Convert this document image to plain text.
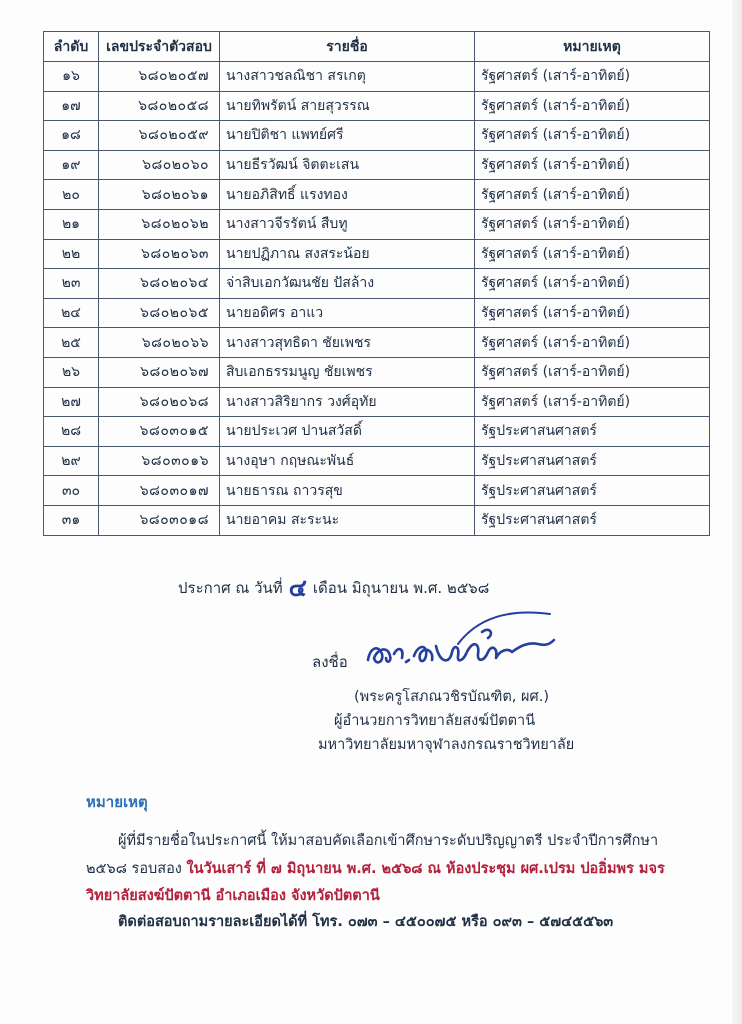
ลำดับ	เลขประจำตัวสอบ	รายชื่อ	หมายเหตุ
๑๖	๖๘๐๒๐๕๗	นางสาวชลณิชา สรเกตุ	รัฐศาสตร์ (เสาร์-อาทิตย์)
๑๗	๖๘๐๒๐๕๘	นายทิพรัตน์ สายสุวรรณ	รัฐศาสตร์ (เสาร์-อาทิตย์)
๑๘	๖๘๐๒๐๕๙	นายปิติชา แพทย์ศรี	รัฐศาสตร์ (เสาร์-อาทิตย์)
๑๙	๖๘๐๒๐๖๐	นายธีรวัฒน์ จิตตะเสน	รัฐศาสตร์ (เสาร์-อาทิตย์)
๒๐	๖๘๐๒๐๖๑	นายอภิสิทธิ์ แรงทอง	รัฐศาสตร์ (เสาร์-อาทิตย์)
๒๑	๖๘๐๒๐๖๒	นางสาวจีรรัตน์ สืบทู	รัฐศาสตร์ (เสาร์-อาทิตย์)
๒๒	๖๘๐๒๐๖๓	นายปฏิภาณ สงสระน้อย	รัฐศาสตร์ (เสาร์-อาทิตย์)
๒๓	๖๘๐๒๐๖๔	จ่าสิบเอกวัฒนชัย ปัสล้าง	รัฐศาสตร์ (เสาร์-อาทิตย์)
๒๔	๖๘๐๒๐๖๕	นายอดิศร อาแว	รัฐศาสตร์ (เสาร์-อาทิตย์)
๒๕	๖๘๐๒๐๖๖	นางสาวสุทธิดา ชัยเพชร	รัฐศาสตร์ (เสาร์-อาทิตย์)
๒๖	๖๘๐๒๐๖๗	สิบเอกธรรมนูญ ชัยเพชร	รัฐศาสตร์ (เสาร์-อาทิตย์)
๒๗	๖๘๐๒๐๖๘	นางสาวสิริยากร วงศ์อุทัย	รัฐศาสตร์ (เสาร์-อาทิตย์)
๒๘	๖๘๐๓๐๑๕	นายประเวศ ปานสวัสดิ์	รัฐประศาสนศาสตร์
๒๙	๖๘๐๓๐๑๖	นางอุษา กฤษณะพันธ์	รัฐประศาสนศาสตร์
๓๐	๖๘๐๓๐๑๗	นายธารณ ถาวรสุข	รัฐประศาสนศาสตร์
๓๑	๖๘๐๓๐๑๘	นายอาคม สะระนะ	รัฐประศาสนศาสตร์
ประกาศ ณ วันที่ ๔ เดือน มิถุนายน พ.ศ. ๒๕๖๘
ลงชื่อ
(พระครูโสภณวชิรบัณฑิต, ผศ.)
ผู้อำนวยการวิทยาลัยสงฆ์ปัตตานี
มหาวิทยาลัยมหาจุฬาลงกรณราชวิทยาลัย
หมายเหตุ
ผู้ที่มีรายชื่อในประกาศนี้ ให้มาสอบคัดเลือกเข้าศึกษาระดับปริญญาตรี ประจำปีการศึกษา
๒๕๖๘ รอบสอง ในวันเสาร์ ที่ ๗ มิถุนายน พ.ศ. ๒๕๖๘ ณ ห้องประชุม ผศ.เปรม ปออิ่มพร มจร
วิทยาลัยสงฆ์ปัตตานี อำเภอเมือง จังหวัดปัตตานี
ติดต่อสอบถามรายละเอียดได้ที่ โทร. ๐๗๓ – ๔๕๐๐๗๕ หรือ ๐๙๓ – ๕๗๔๕๕๖๓
